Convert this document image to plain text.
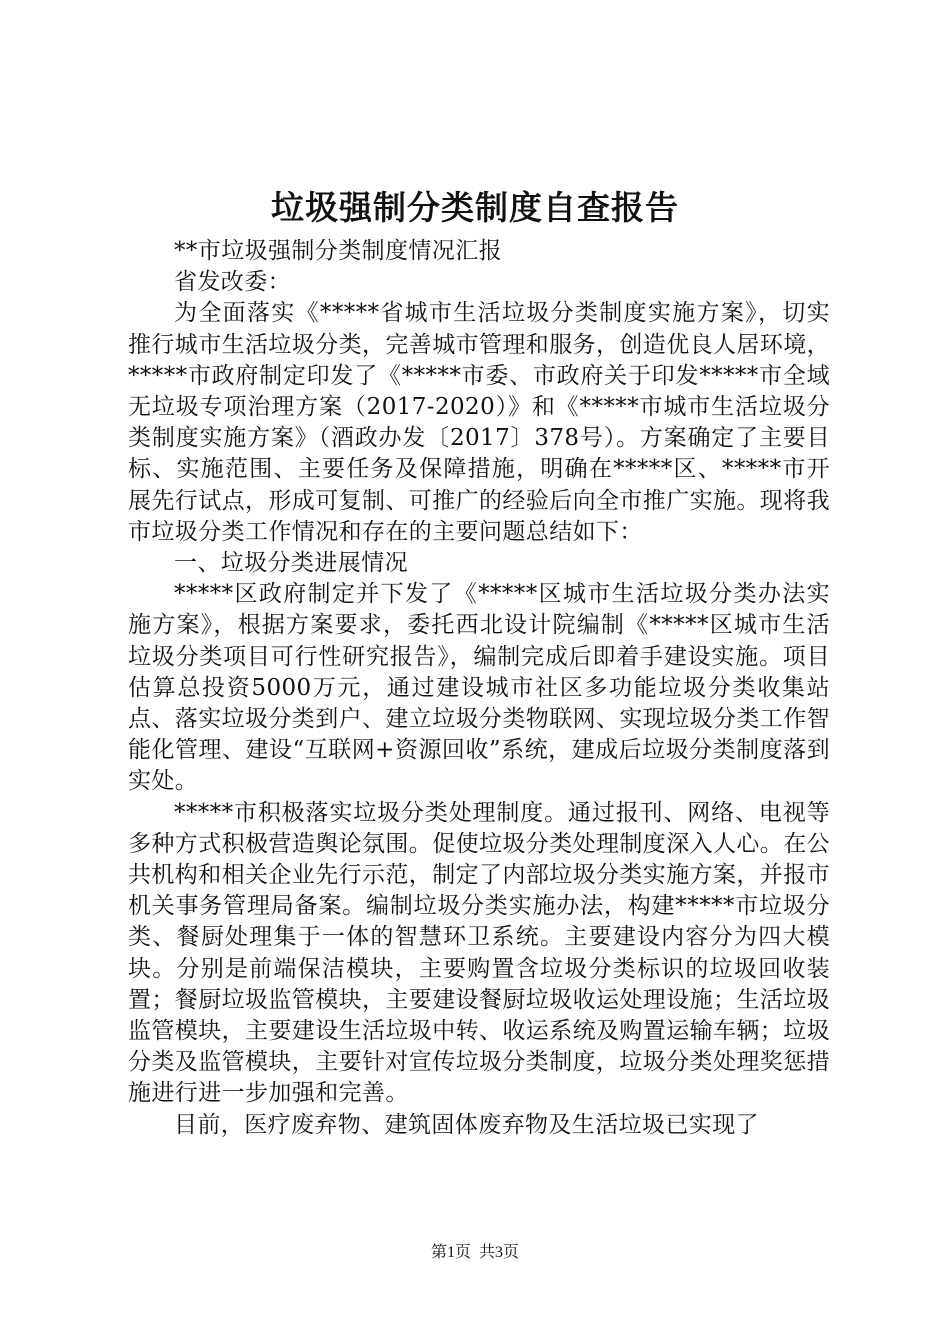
垃圾强制分类制度自查报告

**市垃圾强制分类制度情况汇报

省发改委：

为全面落实《*****省城市生活垃圾分类制度实施方案》，切实推行城市生活垃圾分类，完善城市管理和服务，创造优良人居环境，*****市政府制定印发了《*****市委、市政府关于印发*****市全域无垃圾专项治理方案（2017-2020）》和《*****市城市生活垃圾分类制度实施方案》（酒政办发〔2017〕378号）。方案确定了主要目标、实施范围、主要任务及保障措施，明确在*****区、*****市开展先行试点，形成可复制、可推广的经验后向全市推广实施。现将我市垃圾分类工作情况和存在的主要问题总结如下：

一、垃圾分类进展情况

*****区政府制定并下发了《*****区城市生活垃圾分类办法实施方案》，根据方案要求，委托西北设计院编制《*****区城市生活垃圾分类项目可行性研究报告》，编制完成后即着手建设实施。项目估算总投资5000万元，通过建设城市社区多功能垃圾分类收集站点、落实垃圾分类到户、建立垃圾分类物联网、实现垃圾分类工作智能化管理、建设“互联网+资源回收”系统，建成后垃圾分类制度落到实处。

*****市积极落实垃圾分类处理制度。通过报刊、网络、电视等多种方式积极营造舆论氛围。促使垃圾分类处理制度深入人心。在公共机构和相关企业先行示范，制定了内部垃圾分类实施方案，并报市机关事务管理局备案。编制垃圾分类实施办法，构建*****市垃圾分类、餐厨处理集于一体的智慧环卫系统。主要建设内容分为四大模块。分别是前端保洁模块，主要购置含垃圾分类标识的垃圾回收装置；餐厨垃圾监管模块，主要建设餐厨垃圾收运处理设施；生活垃圾监管模块，主要建设生活垃圾中转、收运系统及购置运输车辆；垃圾分类及监管模块，主要针对宣传垃圾分类制度，垃圾分类处理奖惩措施进行进一步加强和完善。

目前，医疗废弃物、建筑固体废弃物及生活垃圾已实现了

第1页 共3页
